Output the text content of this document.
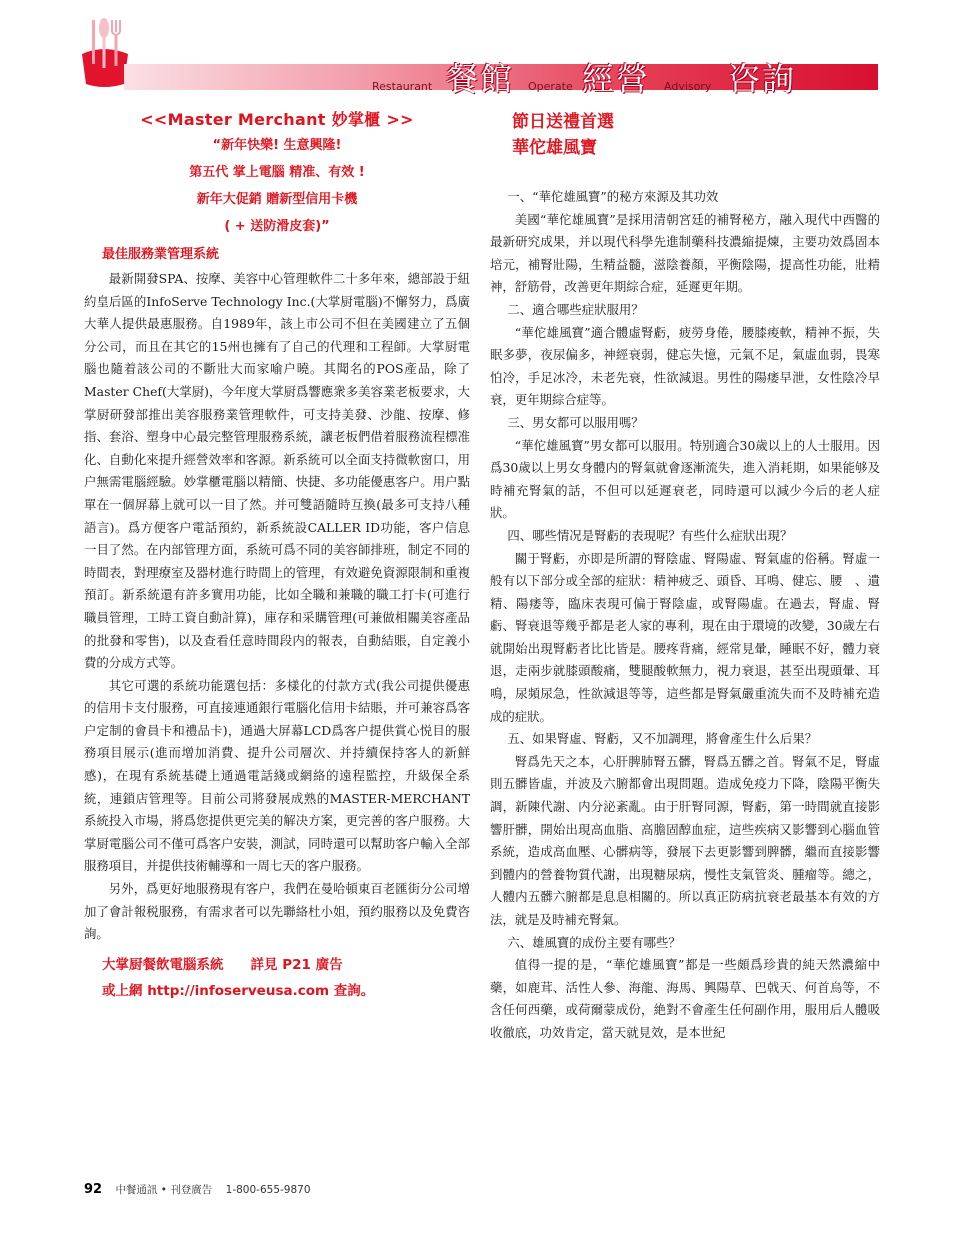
Restaurant 餐館 Operate 經營 Advisory 咨詢
<<Master Merchant 妙掌櫃 >>
“新年快樂! 生意興隆!
第五代 掌上電腦 精准、有效 !
新年大促銷 贈新型信用卡機
( + 送防滑皮套)”
最佳服務業管理系統

最新開發SPA、按摩、美容中心管理軟件二十多年來，總部設于紐約皇后區的InfoServe Technology Inc.(大掌厨電腦)不懈努力，爲廣大華人提供最惠服務。自1989年，該上市公司不但在美國建立了五個分公司，而且在其它的15州也擁有了自己的代理和工程師。大掌厨電腦也隨着該公司的不斷壯大而家喻户曉。其聞名的POS產品，除了Master Chef(大掌厨)，今年度大掌厨爲響應衆多美容業老板要求，大掌厨研發部推出美容服務業管理軟件，可支持美發、沙龍、按摩、修指、套浴、塑身中心最完整管理服務系統，讓老板們借着服務流程標准化、自動化來提升經營效率和客源。新系統可以全面支持微軟窗口，用户無需電腦經驗。妙掌櫃電腦以精簡、快捷、多功能優惠客户。用户點單在一個屏幕上就可以一目了然。并可雙語隨時互換(最多可支持八種語言)。爲方便客户電話預約，新系統設CALLER ID功能，客户信息一目了然。在内部管理方面，系統可爲不同的美容師排班，制定不同的時間表，對理療室及器材進行時間上的管理，有效避免資源限制和重複預訂。新系統還有許多實用功能，比如全職和兼職的職工打卡(可進行職員管理，工時工資自動計算)，庫存和采購管理(可兼做相關美容產品的批發和零售)，以及查看任意時間段内的報表，自動結賬，自定義小費的分成方式等。

其它可選的系統功能選包括：多樣化的付款方式(我公司提供優惠的信用卡支付服務，可直接連通銀行電腦化信用卡結賬，并可兼容爲客户定制的會員卡和禮品卡)，通過大屏幕LCD爲客户提供賞心悦目的服務項目展示(進而增加消費、提升公司層次、并持續保持客人的新鮮感)，在現有系統基礎上通過電話綫或網絡的遠程監控，升級保全系統，連鎖店管理等。目前公司將發展成熟的MASTER-MERCHANT系統投入市場，將爲您提供更完美的解决方案，更完善的客户服務。大掌厨電腦公司不僅可爲客户安裝，測試，同時還可以幫助客户輸入全部服務項目，并提供技術輔導和一周七天的客户服務。

另外，爲更好地服務現有客户，我們在曼哈頓東百老匯街分公司增加了會計報税服務，有需求者可以先聯絡杜小姐，預约服務以及免費咨詢。

大掌厨餐飲電腦系統　　詳見 P21 廣告
或上網 http://infoserveusa.com 查詢。
節日送禮首選
華佗雄風寶
一、“華佗雄風寶”的秘方來源及其功效

美國“華佗雄風寶”是採用清朝宮廷的補腎秘方，融入現代中西醫的最新研究成果，并以現代科學先進制藥科技濃縮提煉，主要功效爲固本培元，補腎壯陽，生精益髓，滋陰養顏，平衡陰陽，提高性功能，壯精神，舒筋骨，改善更年期綜合症，延遲更年期。

二、適合哪些症狀服用？

“華佗雄風寶”適合體虛腎虧，疲勞身倦，腰膝痠軟，精神不振，失眠多夢，夜尿偏多，神經衰弱，健忘失憶，元氣不足，氣虛血弱，畏寒怕冷，手足冰冷，未老先衰，性欲減退。男性的陽痿早泄，女性陰冷早衰，更年期綜合症等。

三、男女都可以服用嗎？

“華佗雄風寶”男女都可以服用。特别適合30歲以上的人士服用。因爲30歲以上男女身體内的腎氣就會逐漸流失，進入消耗期，如果能够及時補充腎氣的話，不但可以延遲衰老，同時還可以減少今后的老人症狀。

四、哪些情况是腎虧的表現呢？有些什么症狀出現？

關于腎虧，亦即是所謂的腎陰虛、腎陽虛、腎氣虛的俗稱。腎虛一般有以下部分或全部的症狀：精神疲乏、頭昏、耳鳴、健忘、腰　、遺精、陽痿等，臨床表現可偏于腎陰虛，或腎陽虛。在過去，腎虛、腎虧、腎衰退等幾乎都是老人家的專利，現在由于環境的改變，30歲左右就開始出現腎虧者比比皆是。腰疼背痛，經常見暈，睡眠不好，體力衰退，走兩步就膝頭酸痛，雙腿酸軟無力，視力衰退，甚至出現頭暈、耳鳴，尿頻尿急，性欲減退等等，這些都是腎氣嚴重流失而不及時補充造成的症狀。

五、如果腎虛、腎虧，又不加調理，將會產生什么后果？

腎爲先天之本，心肝脾肺腎五髒，腎爲五髒之首。腎氣不足，腎虛則五髒皆虛，并波及六腑都會出現問題。造成免疫力下降，陰陽平衡失調，新陳代謝、内分泌紊亂。由于肝腎同源，腎虧，第一時間就直接影響肝髒，開始出現高血脂、高膽固醇血症，這些疾病又影響到心腦血管系統，造成高血壓、心髒病等，發展下去更影響到脾髒，繼而直接影響到體内的營養物質代謝，出現糖尿病，慢性支氣管炎、腫瘤等。總之，人體内五髒六腑都是息息相關的。所以真正防病抗衰老最基本有效的方法，就是及時補充腎氣。

六、雄風寶的成份主要有哪些？

值得一提的是，“華佗雄風寶”都是一些頗爲珍貴的純天然濃縮中藥，如鹿茸、活性人參、海龍、海馬、興陽草、巴戟天、何首烏等，不含任何西藥，或荷爾蒙成份，絶對不會產生任何副作用，服用后人體吸收徹底，功效肯定，當天就見效，是本世紀

92 中餐通訊 • 刊登廣告 1-800-655-9870
